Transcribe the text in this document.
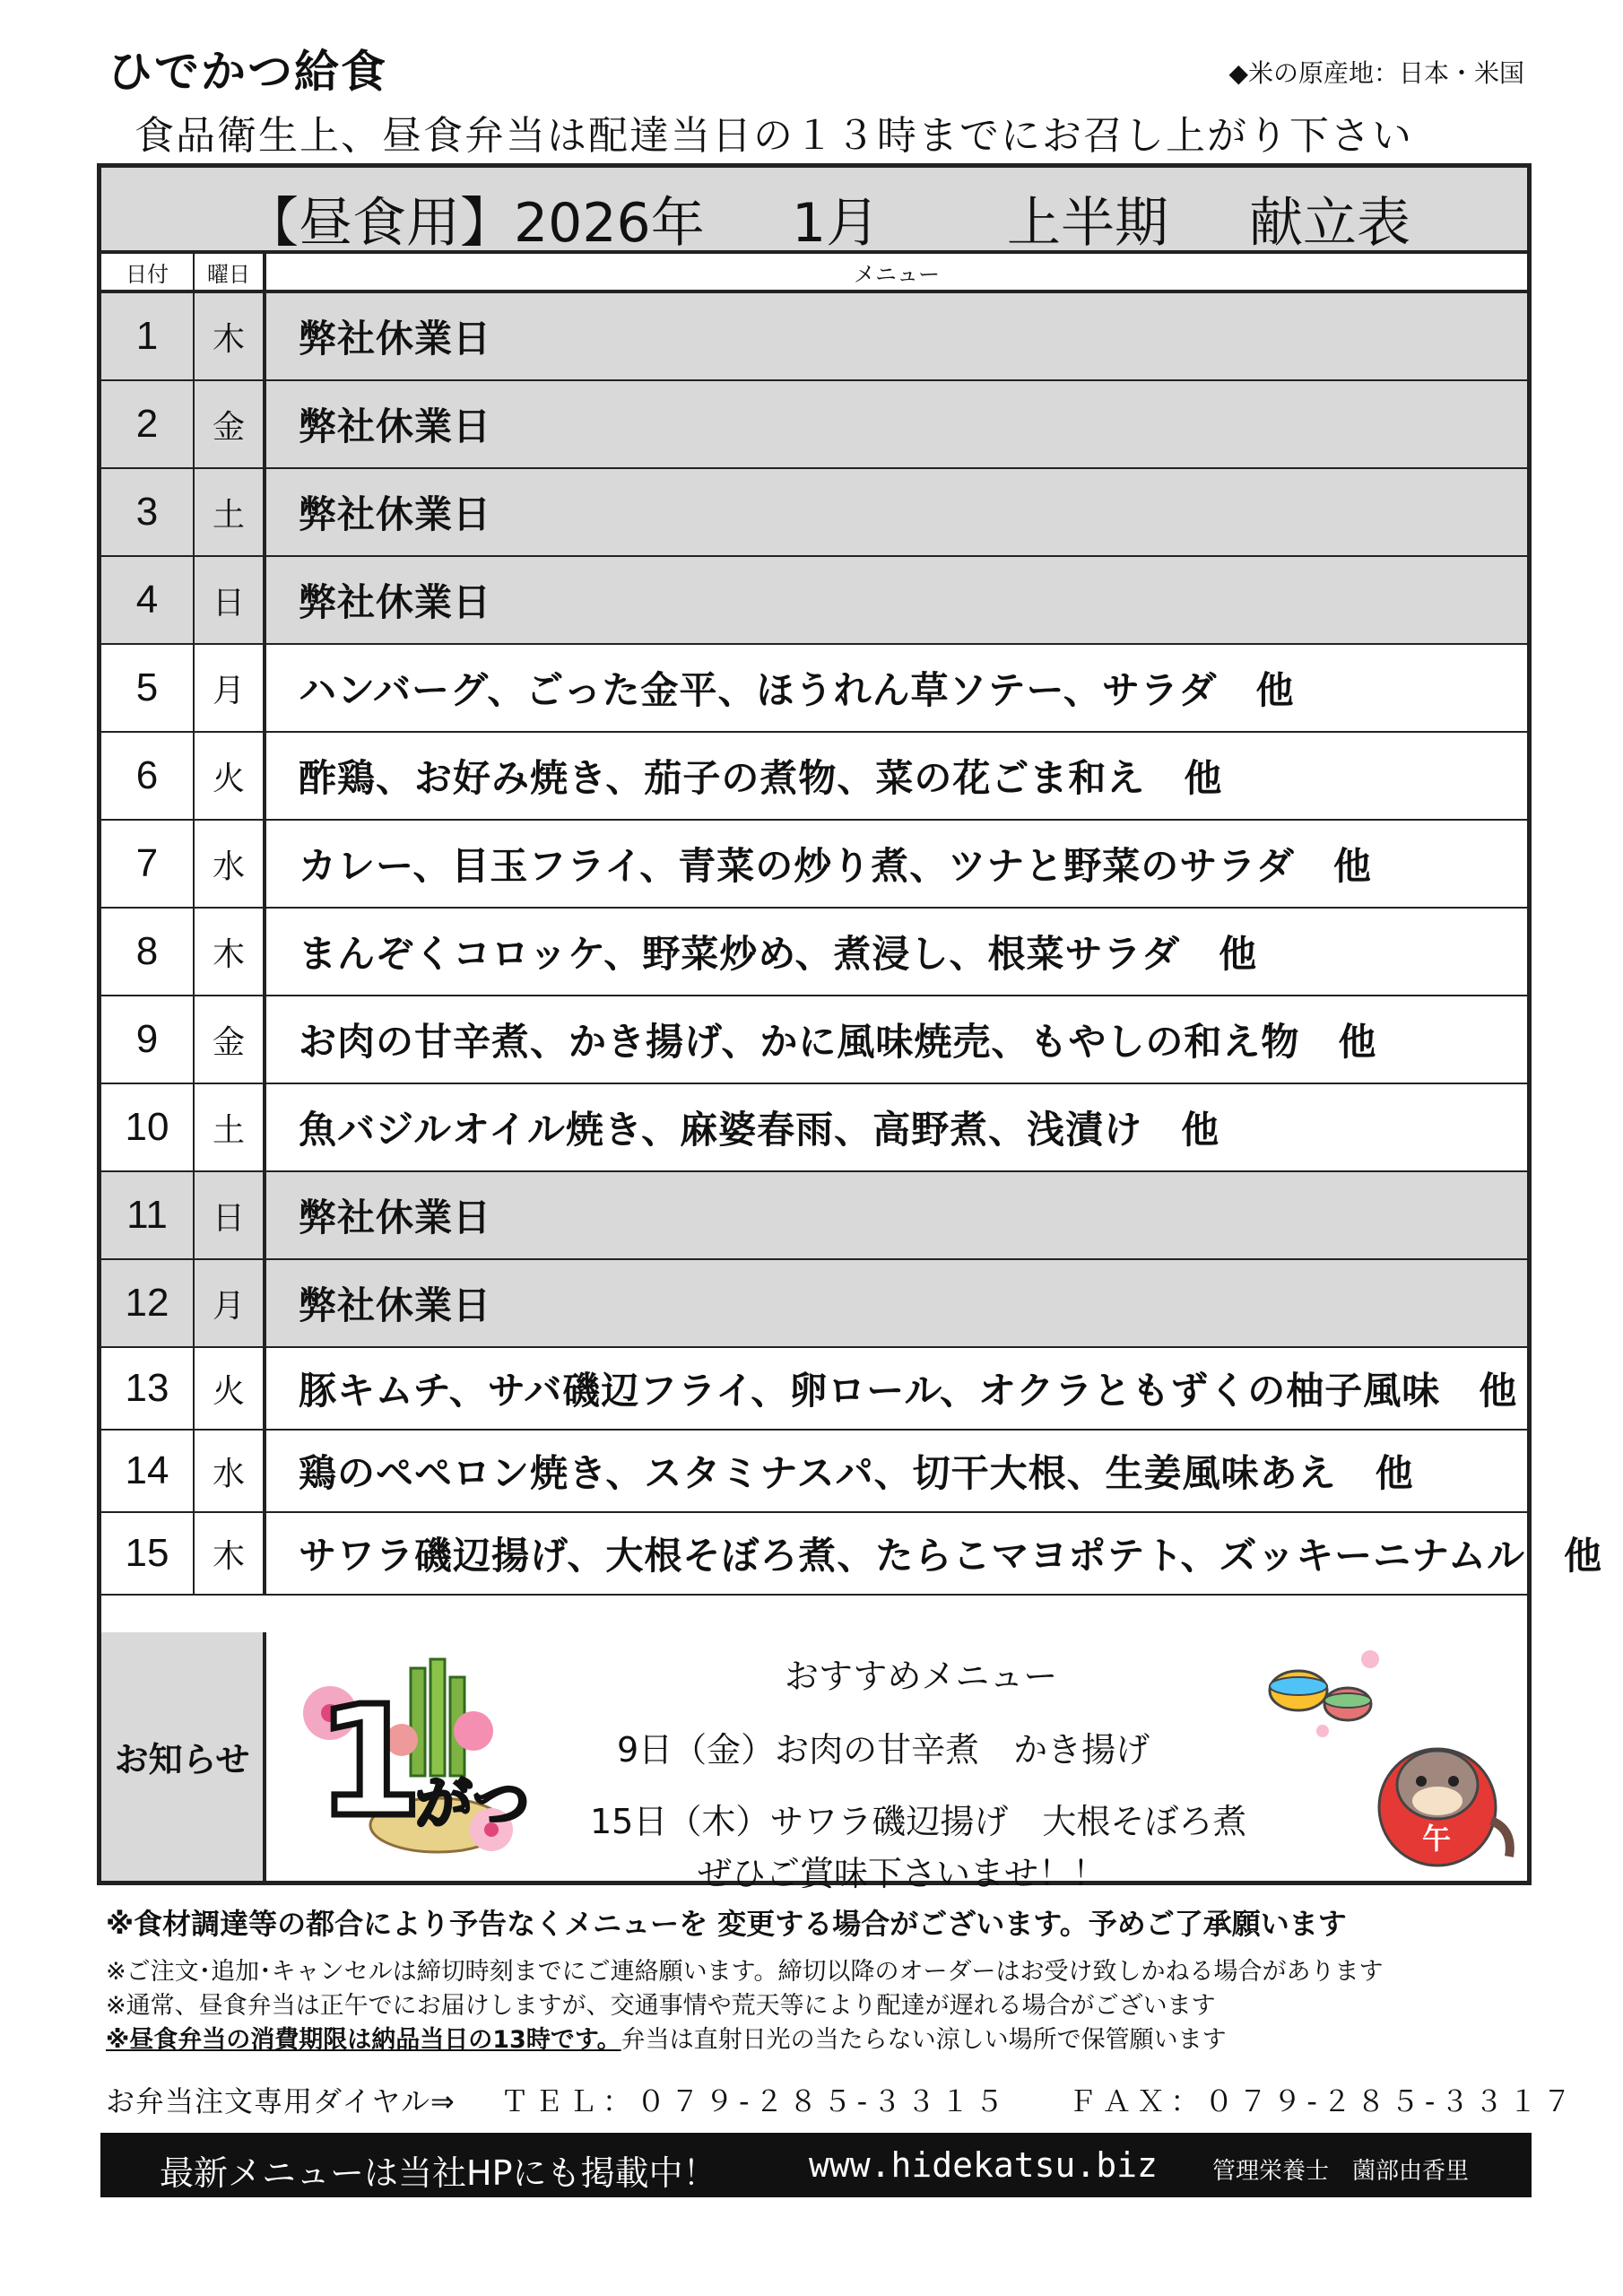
ひでかつ給食	◆米の原産地：日本・米国
食品衛生上、昼食弁当は配達当日の１３時までにお召し上がり下さい
【昼食用】2026年 1月 上半期 献立表
日付	曜日	メニュー
1	木	弊社休業日
2	金	弊社休業日
3	土	弊社休業日
4	日	弊社休業日
5	月	ハンバーグ、ごった金平、ほうれん草ソテー、サラダ　他
6	火	酢鶏、お好み焼き、茄子の煮物、菜の花ごま和え　他
7	水	カレー、目玉フライ、青菜の炒り煮、ツナと野菜のサラダ　他
8	木	まんぞくコロッケ、野菜炒め、煮浸し、根菜サラダ　他
9	金	お肉の甘辛煮、かき揚げ、かに風味焼売、もやしの和え物　他
10	土	魚バジルオイル焼き、麻婆春雨、高野煮、浅漬け　他
11	日	弊社休業日
12	月	弊社休業日
13	火	豚キムチ、サバ磯辺フライ、卵ロール、オクラともずくの柚子風味　他
14	水	鶏のペペロン焼き、スタミナスパ、切干大根、生姜風味あえ　他
15	木	サワラ磯辺揚げ、大根そぼろ煮、たらこマヨポテト、ズッキーニナムル　他
お知らせ 1
がつ
おすすめメニュー
9日（金）お肉の甘辛煮　かき揚げ
15日（木）サワラ磯辺揚げ　大根そぼろ煮
ぜひご賞味下さいませ！！
午
※食材調達等の都合により予告なくメニューを 変更する場合がございます。予めご了承願います
※ご注文･追加･キャンセルは締切時刻までにご連絡願います。締切以降のオーダーはお受け致しかねる場合があります
※通常、昼食弁当は正午でにお届けしますが、交通事情や荒天等により配達が遅れる場合がございます
※昼食弁当の消費期限は納品当日の13時です。弁当は直射日光の当たらない涼しい場所で保管願います
お弁当注文専用ダイヤル⇒ ＴＥＬ：０７９-２８５-３３１５ ＦＡＸ：０７９-２８５-３３１７
最新メニューは当社HPにも掲載中！	www.hidekatsu.biz 管理栄養士　薗部由香里
